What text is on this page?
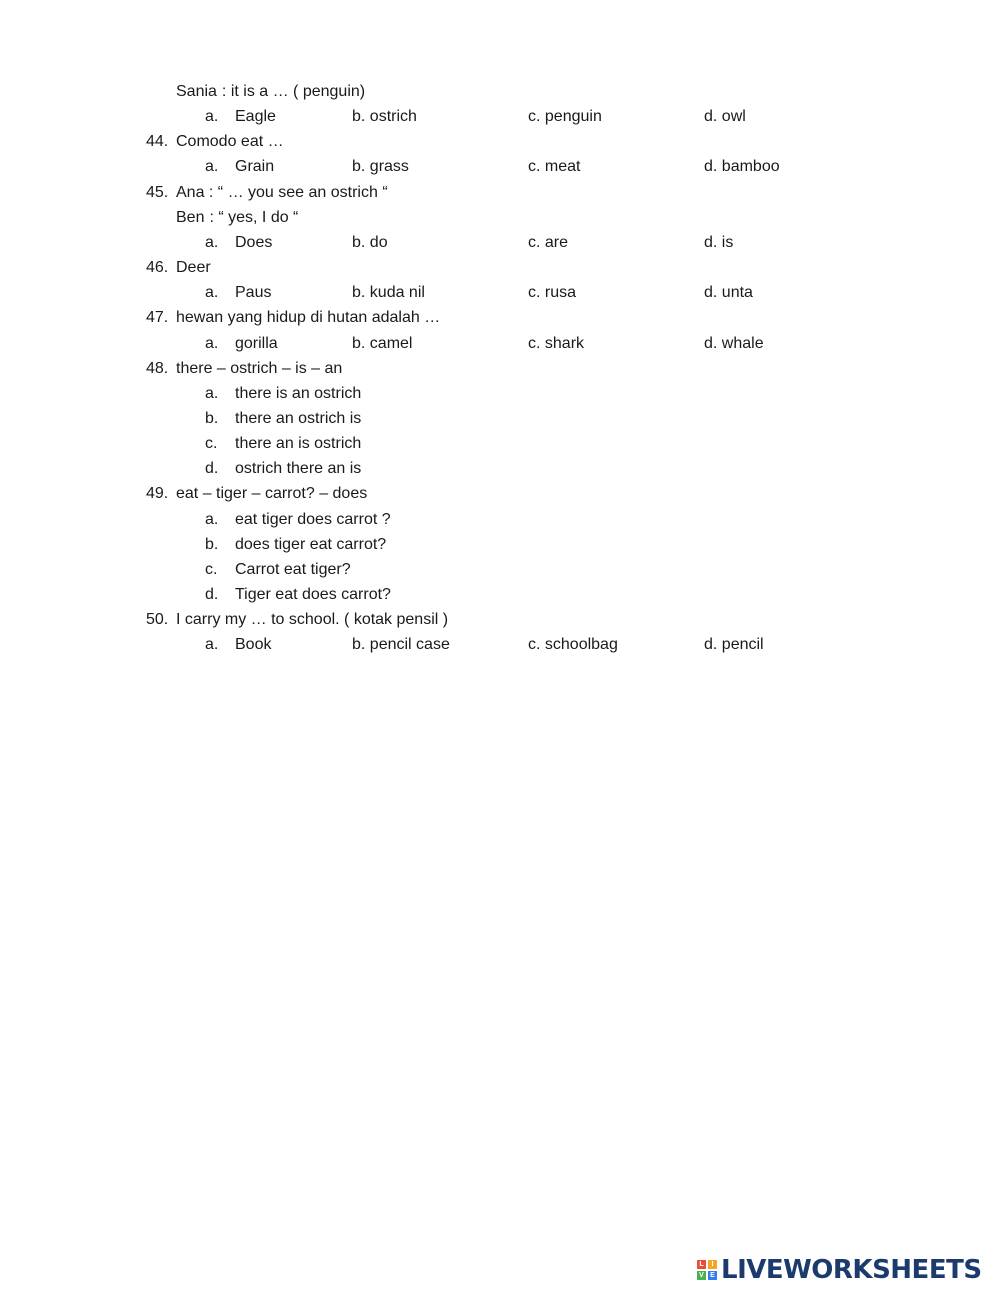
Sania : it is a … ( penguin)
a. Eagle	b. ostrich	c. penguin	d. owl
44. Comodo eat …
a. Grain	b. grass	c. meat	d. bamboo
45. Ana : “ … you see an ostrich “
Ben : “ yes, I do “
a. Does	b. do	c. are	d. is
46. Deer
a. Paus	b. kuda nil	c. rusa	d. unta
47. hewan yang hidup di hutan adalah …
a. gorilla	b. camel	c. shark	d. whale
48. there – ostrich – is – an
a. there is an ostrich
b. there an ostrich is
c. there an is ostrich
d. ostrich there an is
49. eat – tiger – carrot? – does
a. eat tiger does carrot ?
b. does tiger eat carrot?
c. Carrot eat tiger?
d. Tiger eat does carrot?
50. I carry my … to school. ( kotak pensil )
a. Book	b. pencil case	c. schoolbag	d. pencil
L	I
V E LIVEWORKSHEETS
